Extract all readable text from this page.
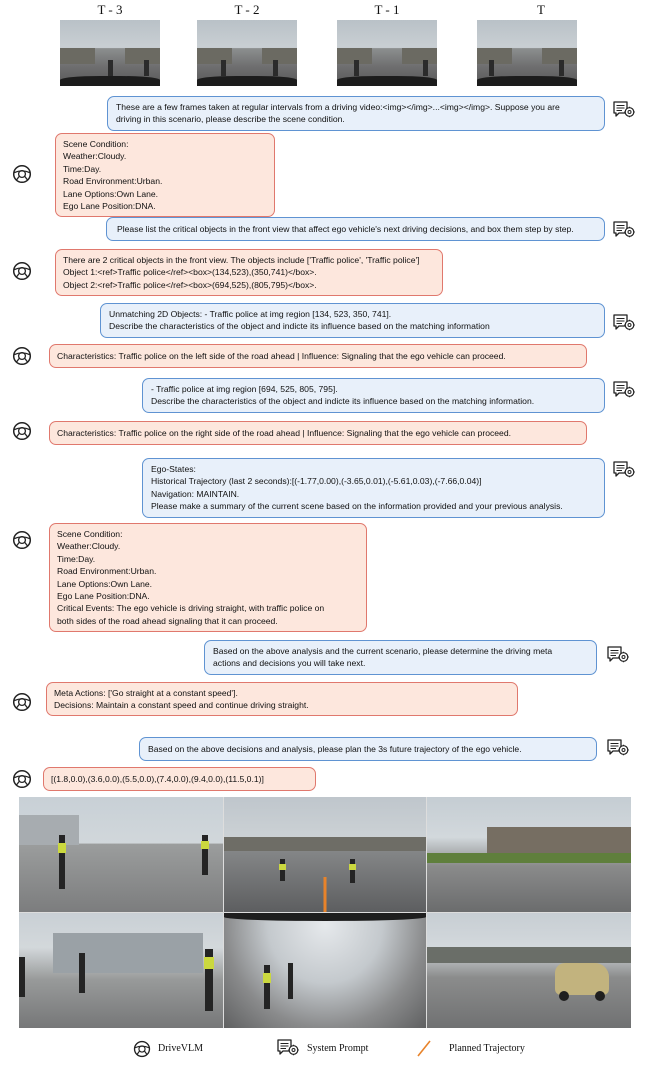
T - 3	T - 2	T - 1	T
These are a few frames taken at regular intervals from a driving video:<img></img>...<img></img>. Suppose you are
driving in this scenario, please describe the scene condition.
Scene Condition:
Weather:Cloudy.
Time:Day.
Road Environment:Urban.
Lane Options:Own Lane.
Ego Lane Position:DNA.
Please list the critical objects in the front view that affect ego vehicle's next driving decisions, and box them step by step.
There are 2 critical objects in the front view. The objects include ['Traffic police', 'Traffic police']
Object 1:<ref>Traffic police</ref><box>(134,523),(350,741)</box>.
Object 2:<ref>Traffic police</ref><box>(694,525),(805,795)</box>.
Unmatching 2D Objects: - Traffic police at img region [134, 523, 350, 741].
Describe the characteristics of the object and indicte its influence based on the matching information
Characteristics: Traffic police on the left side of the road ahead | Influence: Signaling that the ego vehicle can proceed.
- Traffic police at img region [694, 525, 805, 795].
Describe the characteristics of the object and indicte its influence based on the matching information.
Characteristics: Traffic police on the right side of the road ahead | Influence: Signaling that the ego vehicle can proceed.
Ego-States:
Historical Trajectory (last 2 seconds):[(-1.77,0.00),(-3.65,0.01),(-5.61,0.03),(-7.66,0.04)]
Navigation: MAINTAIN.
Please make a summary of the current scene based on the information provided and your previous analysis.
Scene Condition:
Weather:Cloudy.
Time:Day.
Road Environment:Urban.
Lane Options:Own Lane.
Ego Lane Position:DNA.
Critical Events: The ego vehicle is driving straight, with traffic police on
both sides of the road ahead signaling that it can proceed.
Based on the above analysis and the current scenario, please determine the driving meta
actions and decisions you will take next.
Meta Actions: ['Go straight at a constant speed'].
Decisions: Maintain a constant speed and continue driving straight.
Based on the above decisions and analysis, please plan the 3s future trajectory of the ego vehicle.
[(1.8,0.0),(3.6,0.0),(5.5,0.0),(7.4,0.0),(9.4,0.0),(11.5,0.1)]
DriveVLM	System Prompt	Planned Trajectory
